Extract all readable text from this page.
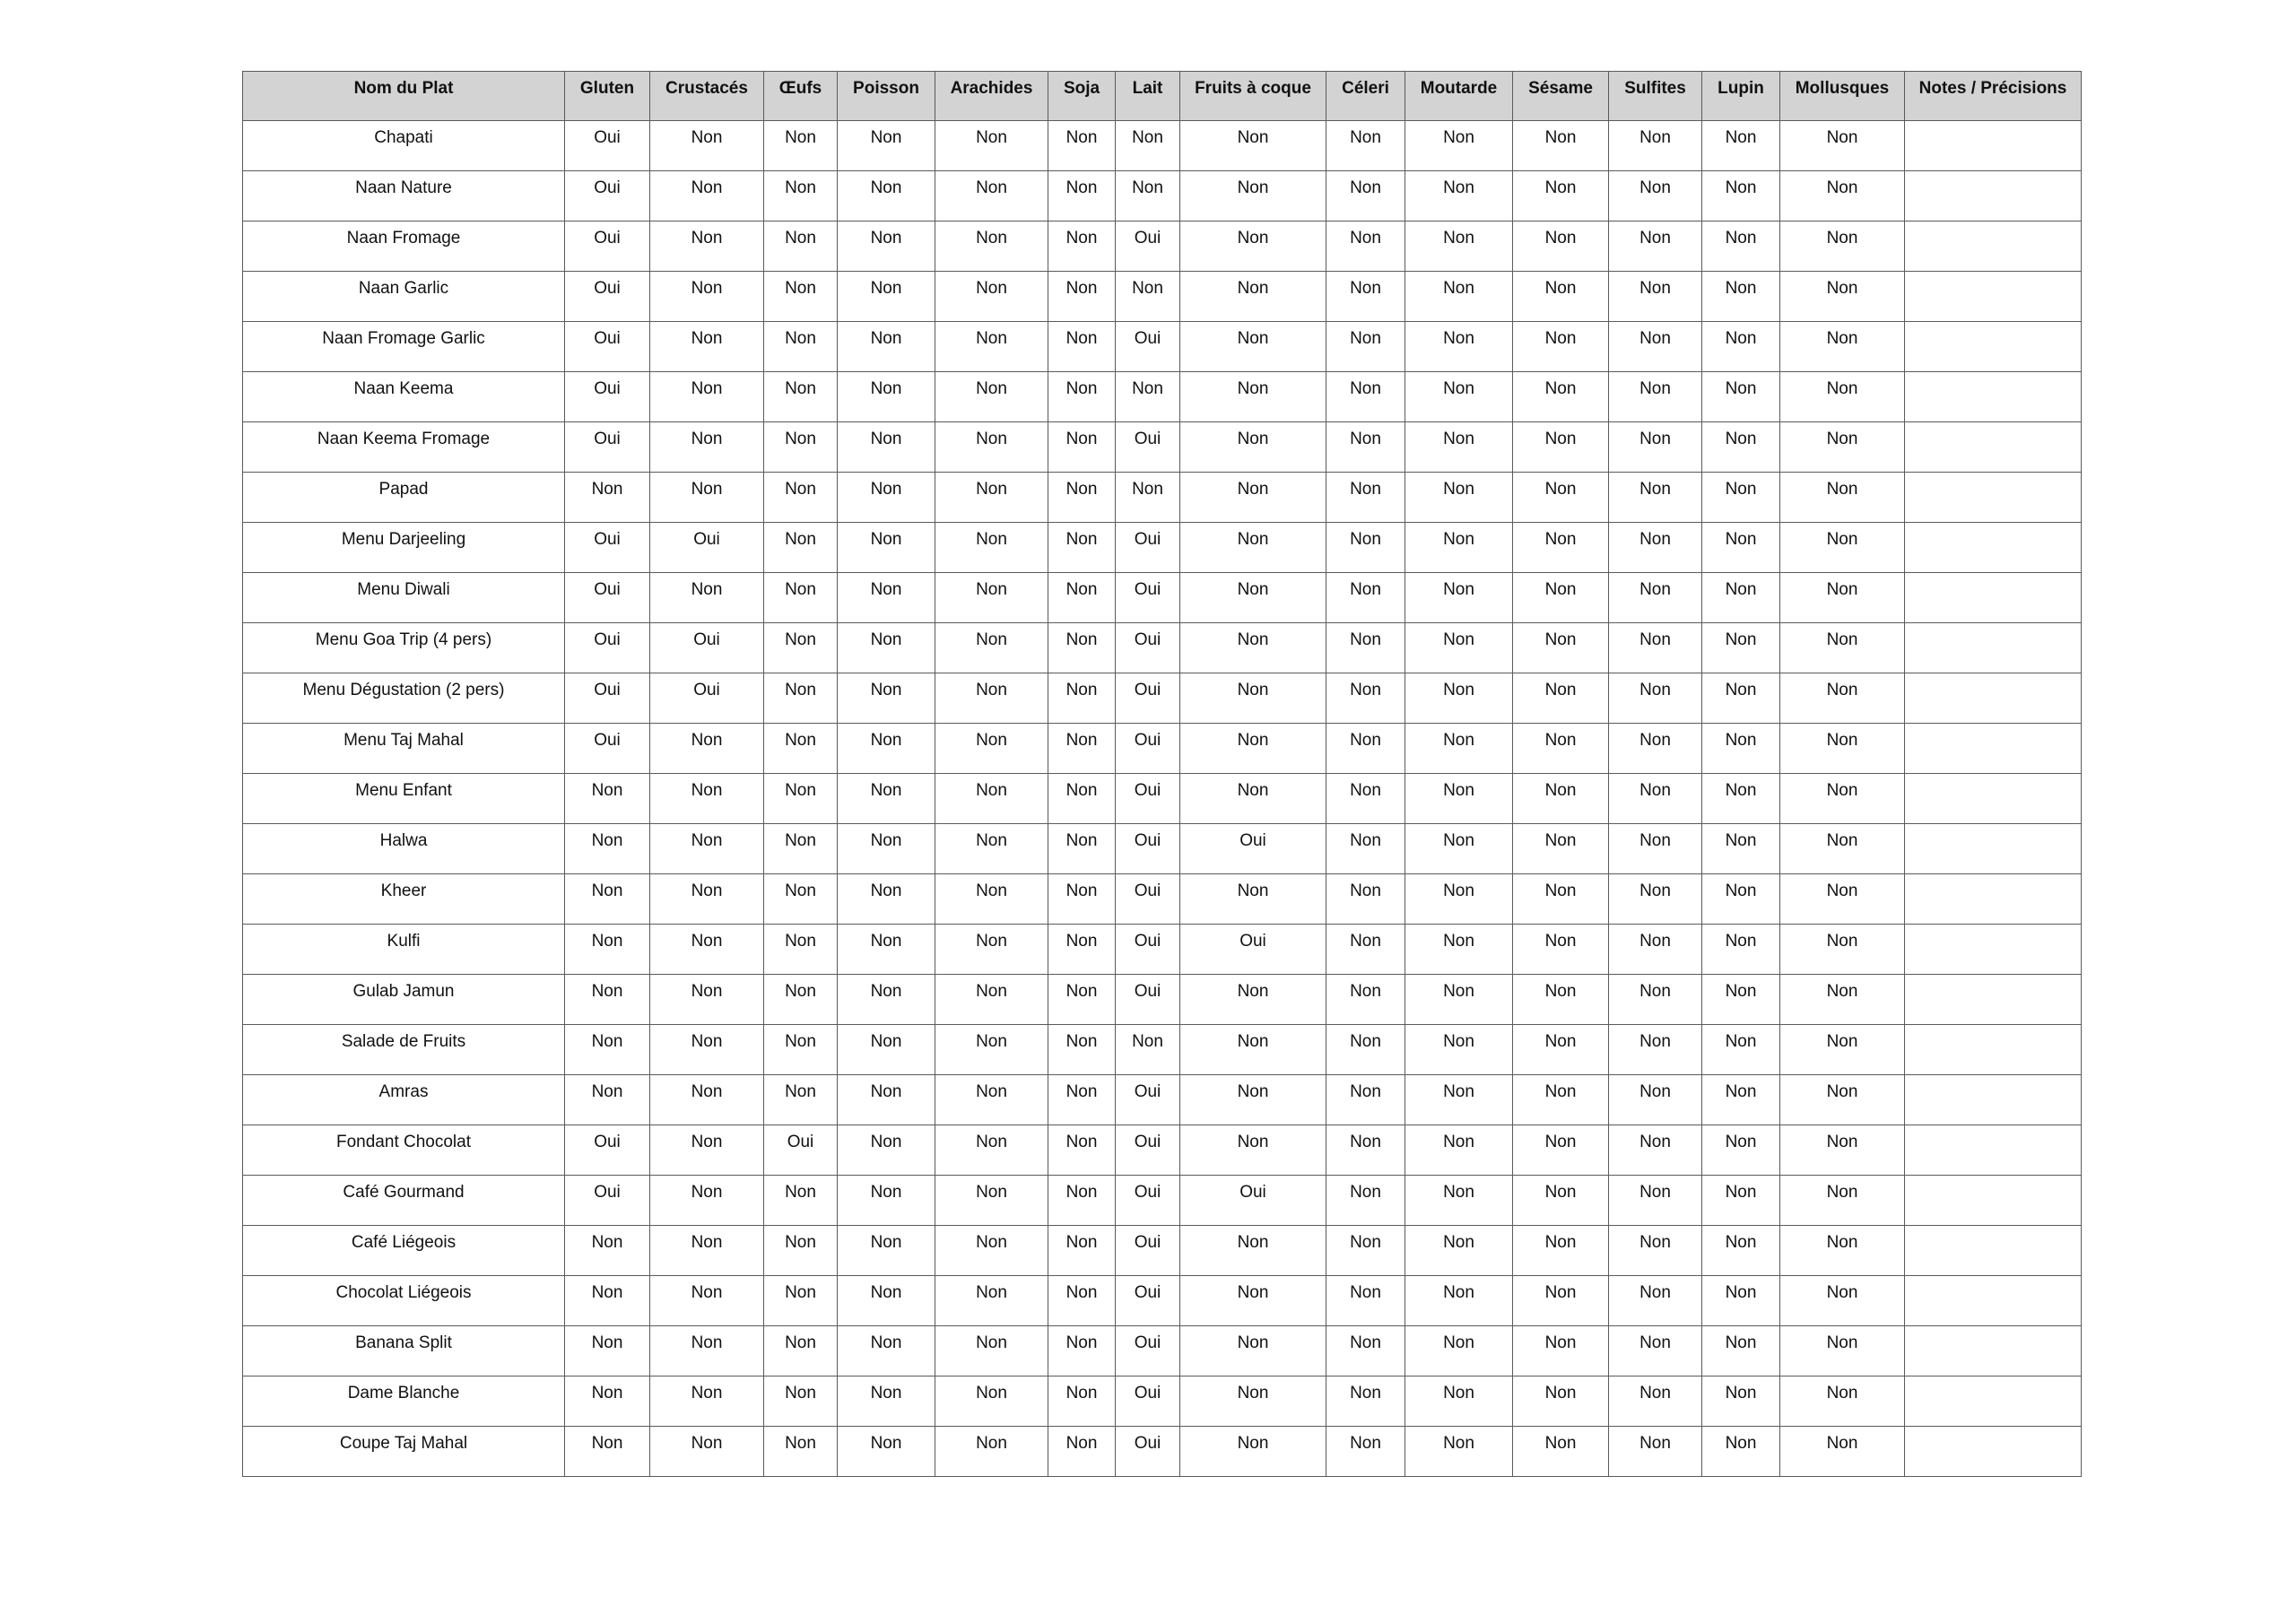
Nom du Plat	Gluten	Crustacés	Œufs	Poisson	Arachides	Soja	Lait	Fruits à coque	Céleri	Moutarde	Sésame	Sulfites	Lupin	Mollusques	Notes / Précisions
Chapati	Oui	Non	Non	Non	Non	Non	Non	Non	Non	Non	Non	Non	Non	Non	
Naan Nature	Oui	Non	Non	Non	Non	Non	Non	Non	Non	Non	Non	Non	Non	Non	
Naan Fromage	Oui	Non	Non	Non	Non	Non	Oui	Non	Non	Non	Non	Non	Non	Non	
Naan Garlic	Oui	Non	Non	Non	Non	Non	Non	Non	Non	Non	Non	Non	Non	Non	
Naan Fromage Garlic	Oui	Non	Non	Non	Non	Non	Oui	Non	Non	Non	Non	Non	Non	Non	
Naan Keema	Oui	Non	Non	Non	Non	Non	Non	Non	Non	Non	Non	Non	Non	Non	
Naan Keema Fromage	Oui	Non	Non	Non	Non	Non	Oui	Non	Non	Non	Non	Non	Non	Non	
Papad	Non	Non	Non	Non	Non	Non	Non	Non	Non	Non	Non	Non	Non	Non	
Menu Darjeeling	Oui	Oui	Non	Non	Non	Non	Oui	Non	Non	Non	Non	Non	Non	Non	
Menu Diwali	Oui	Non	Non	Non	Non	Non	Oui	Non	Non	Non	Non	Non	Non	Non	
Menu Goa Trip (4 pers)	Oui	Oui	Non	Non	Non	Non	Oui	Non	Non	Non	Non	Non	Non	Non	
Menu Dégustation (2 pers)	Oui	Oui	Non	Non	Non	Non	Oui	Non	Non	Non	Non	Non	Non	Non	
Menu Taj Mahal	Oui	Non	Non	Non	Non	Non	Oui	Non	Non	Non	Non	Non	Non	Non	
Menu Enfant	Non	Non	Non	Non	Non	Non	Oui	Non	Non	Non	Non	Non	Non	Non	
Halwa	Non	Non	Non	Non	Non	Non	Oui	Oui	Non	Non	Non	Non	Non	Non	
Kheer	Non	Non	Non	Non	Non	Non	Oui	Non	Non	Non	Non	Non	Non	Non	
Kulfi	Non	Non	Non	Non	Non	Non	Oui	Oui	Non	Non	Non	Non	Non	Non	
Gulab Jamun	Non	Non	Non	Non	Non	Non	Oui	Non	Non	Non	Non	Non	Non	Non	
Salade de Fruits	Non	Non	Non	Non	Non	Non	Non	Non	Non	Non	Non	Non	Non	Non	
Amras	Non	Non	Non	Non	Non	Non	Oui	Non	Non	Non	Non	Non	Non	Non	
Fondant Chocolat	Oui	Non	Oui	Non	Non	Non	Oui	Non	Non	Non	Non	Non	Non	Non	
Café Gourmand	Oui	Non	Non	Non	Non	Non	Oui	Oui	Non	Non	Non	Non	Non	Non	
Café Liégeois	Non	Non	Non	Non	Non	Non	Oui	Non	Non	Non	Non	Non	Non	Non	
Chocolat Liégeois	Non	Non	Non	Non	Non	Non	Oui	Non	Non	Non	Non	Non	Non	Non	
Banana Split	Non	Non	Non	Non	Non	Non	Oui	Non	Non	Non	Non	Non	Non	Non	
Dame Blanche	Non	Non	Non	Non	Non	Non	Oui	Non	Non	Non	Non	Non	Non	Non	
Coupe Taj Mahal	Non	Non	Non	Non	Non	Non	Oui	Non	Non	Non	Non	Non	Non	Non	
